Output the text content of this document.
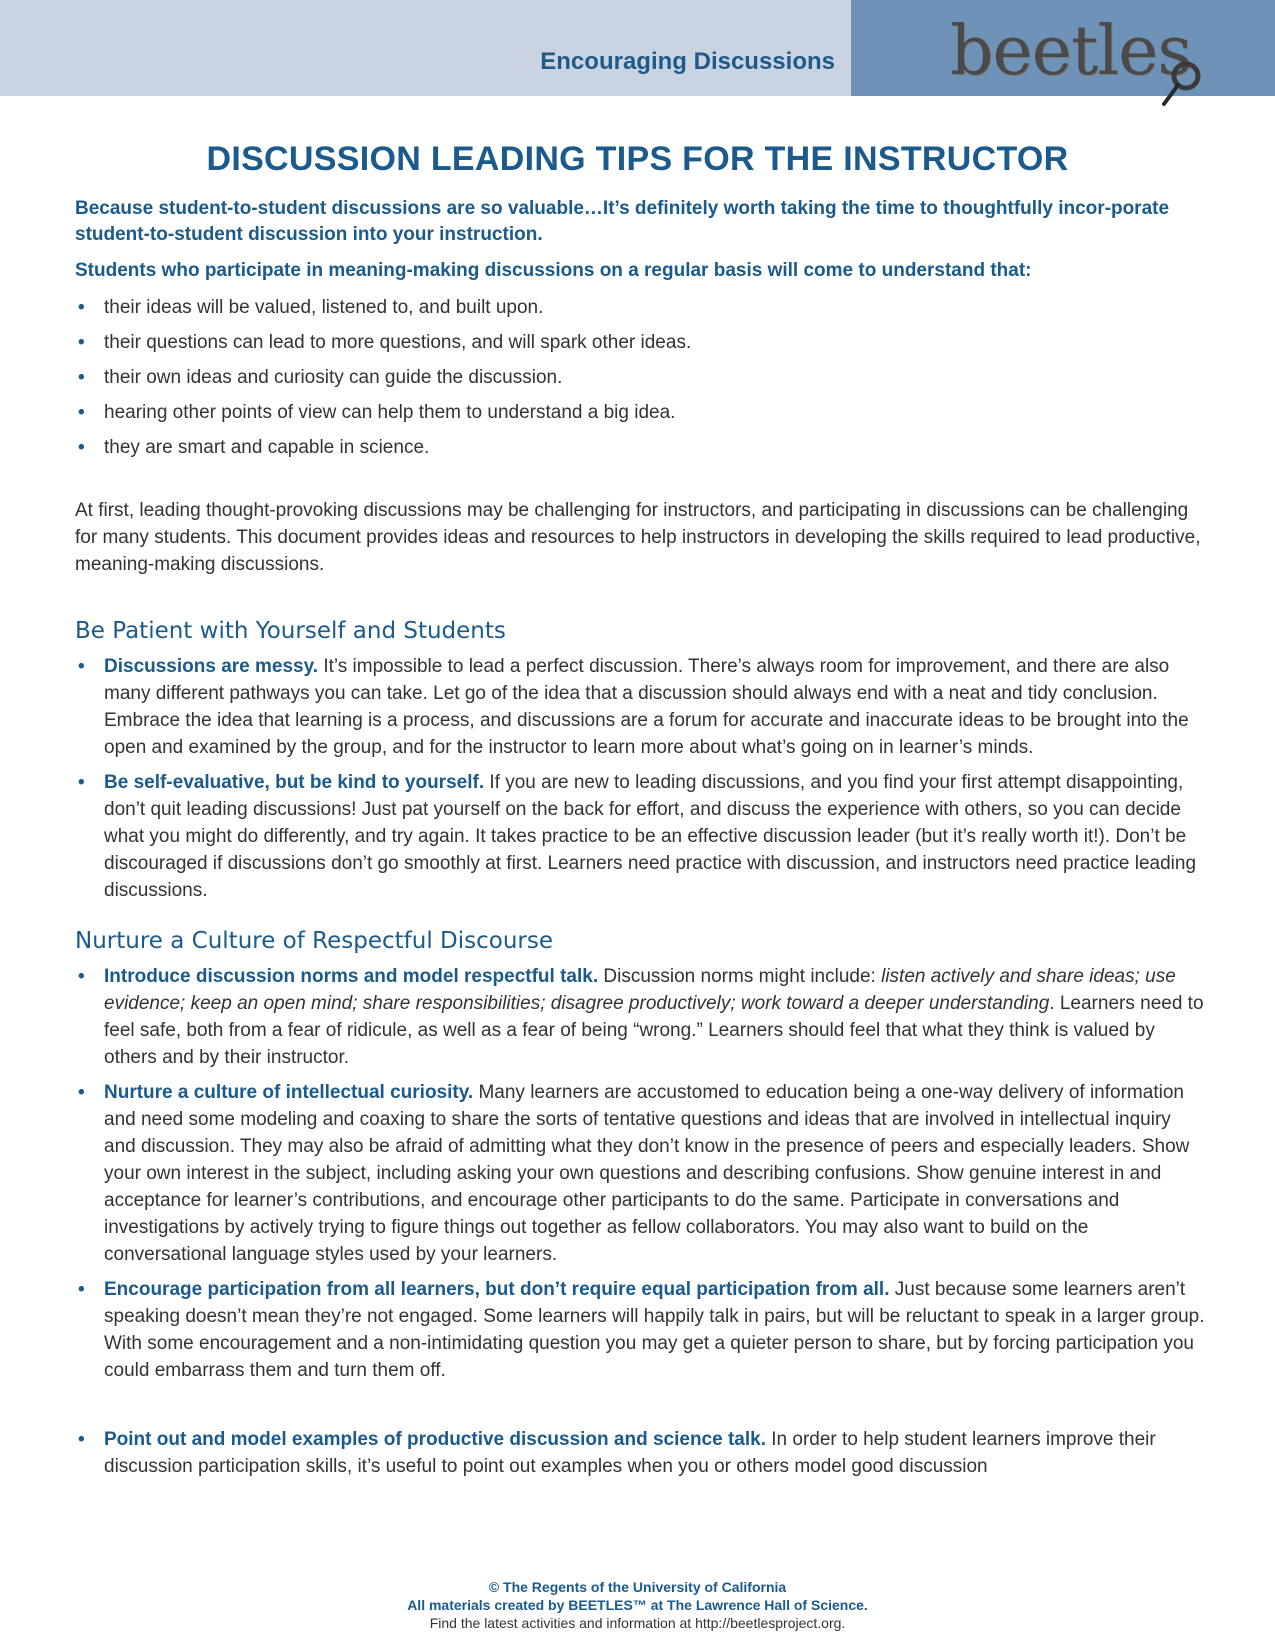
Encouraging Discussions beetles
DISCUSSION LEADING TIPS FOR THE INSTRUCTOR
Because student-to-student discussions are so valuable…It’s definitely worth taking the time to thoughtfully incor-porate student-to-student discussion into your instruction.
Students who participate in meaning-making discussions on a regular basis will come to understand that:
• their ideas will be valued, listened to, and built upon.
• their questions can lead to more questions, and will spark other ideas.
• their own ideas and curiosity can guide the discussion.
• hearing other points of view can help them to understand a big idea.
• they are smart and capable in science.

At first, leading thought-provoking discussions may be challenging for instructors, and participating in discussions can be challenging for many students. This document provides ideas and resources to help instructors in developing the skills required to lead productive, meaning-making discussions.

Be Patient with Yourself and Students
• Discussions are messy. It’s impossible to lead a perfect discussion. There’s always room for improvement, and there are also many different pathways you can take. Let go of the idea that a discussion should always end with a neat and tidy conclusion. Embrace the idea that learning is a process, and discussions are a forum for accurate and inaccurate ideas to be brought into the open and examined by the group, and for the instructor to learn more about what’s going on in learner’s minds.
• Be self-evaluative, but be kind to yourself. If you are new to leading discussions, and you find your first attempt disappointing, don’t quit leading discussions! Just pat yourself on the back for effort, and discuss the experience with others, so you can decide what you might do differently, and try again. It takes practice to be an effective discussion leader (but it’s really worth it!). Don’t be discouraged if discussions don’t go smoothly at first. Learners need practice with discussion, and instructors need practice leading discussions.
Nurture a Culture of Respectful Discourse
• Introduce discussion norms and model respectful talk. Discussion norms might include: listen actively and share ideas; use evidence; keep an open mind; share responsibilities; disagree productively; work toward a deeper understanding. Learners need to feel safe, both from a fear of ridicule, as well as a fear of being “wrong.” Learners should feel that what they think is valued by others and by their instructor.
• Nurture a culture of intellectual curiosity. Many learners are accustomed to education being a one-way delivery of information and need some modeling and coaxing to share the sorts of tentative questions and ideas that are involved in intellectual inquiry and discussion. They may also be afraid of admitting what they don’t know in the presence of peers and especially leaders. Show your own interest in the subject, including asking your own questions and describing confusions. Show genuine interest in and acceptance for learner’s contributions, and encourage other participants to do the same. Participate in conversations and investigations by actively trying to figure things out together as fellow collaborators. You may also want to build on the conversational language styles used by your learners.
• Encourage participation from all learners, but don’t require equal participation from all. Just because some learners aren’t speaking doesn’t mean they’re not engaged. Some learners will happily talk in pairs, but will be reluctant to speak in a larger group. With some encouragement and a non-intimidating question you may get a quieter person to share, but by forcing participation you could embarrass them and turn them off.
• Point out and model examples of productive discussion and science talk. In order to help student learners improve their discussion participation skills, it’s useful to point out examples when you or others model good discussion
© The Regents of the University of California
All materials created by BEETLES™ at The Lawrence Hall of Science.
Find the latest activities and information at http://beetlesproject.org.
